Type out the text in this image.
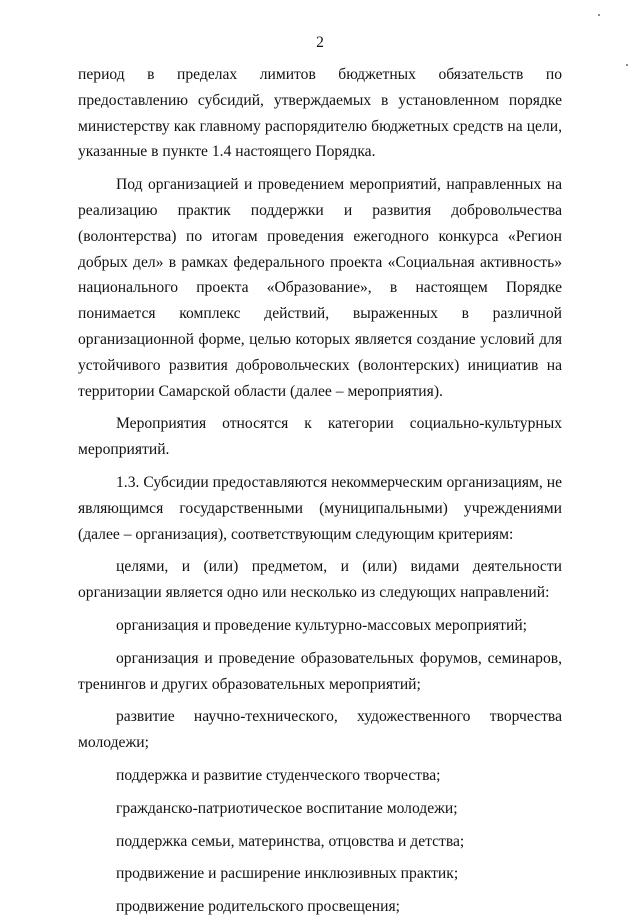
2

период в пределах лимитов бюджетных обязательств по предоставлению субсидий, утверждаемых в установленном порядке министерству как главному распорядителю бюджетных средств на цели, указанные в пункте 1.4 настоящего Порядка.

Под организацией и проведением мероприятий, направленных на реализацию практик поддержки и развития добровольчества (волонтерства) по итогам проведения ежегодного конкурса «Регион добрых дел» в рамках федерального проекта «Социальная активность» национального проекта «Образование», в настоящем Порядке понимается комплекс действий, выраженных в различной организационной форме, целью которых является создание условий для устойчивого развития добровольческих (волонтерских) инициатив на территории Самарской области (далее – мероприятия).

Мероприятия относятся к категории социально-культурных мероприятий.

1.3. Субсидии предоставляются некоммерческим организациям, не являющимся государственными (муниципальными) учреждениями (далее – организация), соответствующим следующим критериям:

целями, и (или) предметом, и (или) видами деятельности организации является одно или несколько из следующих направлений:

организация и проведение культурно-массовых мероприятий;

организация и проведение образовательных форумов, семинаров, тренингов и других образовательных мероприятий;

развитие научно-технического, художественного творчества молодежи;

поддержка и развитие студенческого творчества;

гражданско-патриотическое воспитание молодежи;

поддержка семьи, материнства, отцовства и детства;

продвижение и расширение инклюзивных практик;

продвижение родительского просвещения;
